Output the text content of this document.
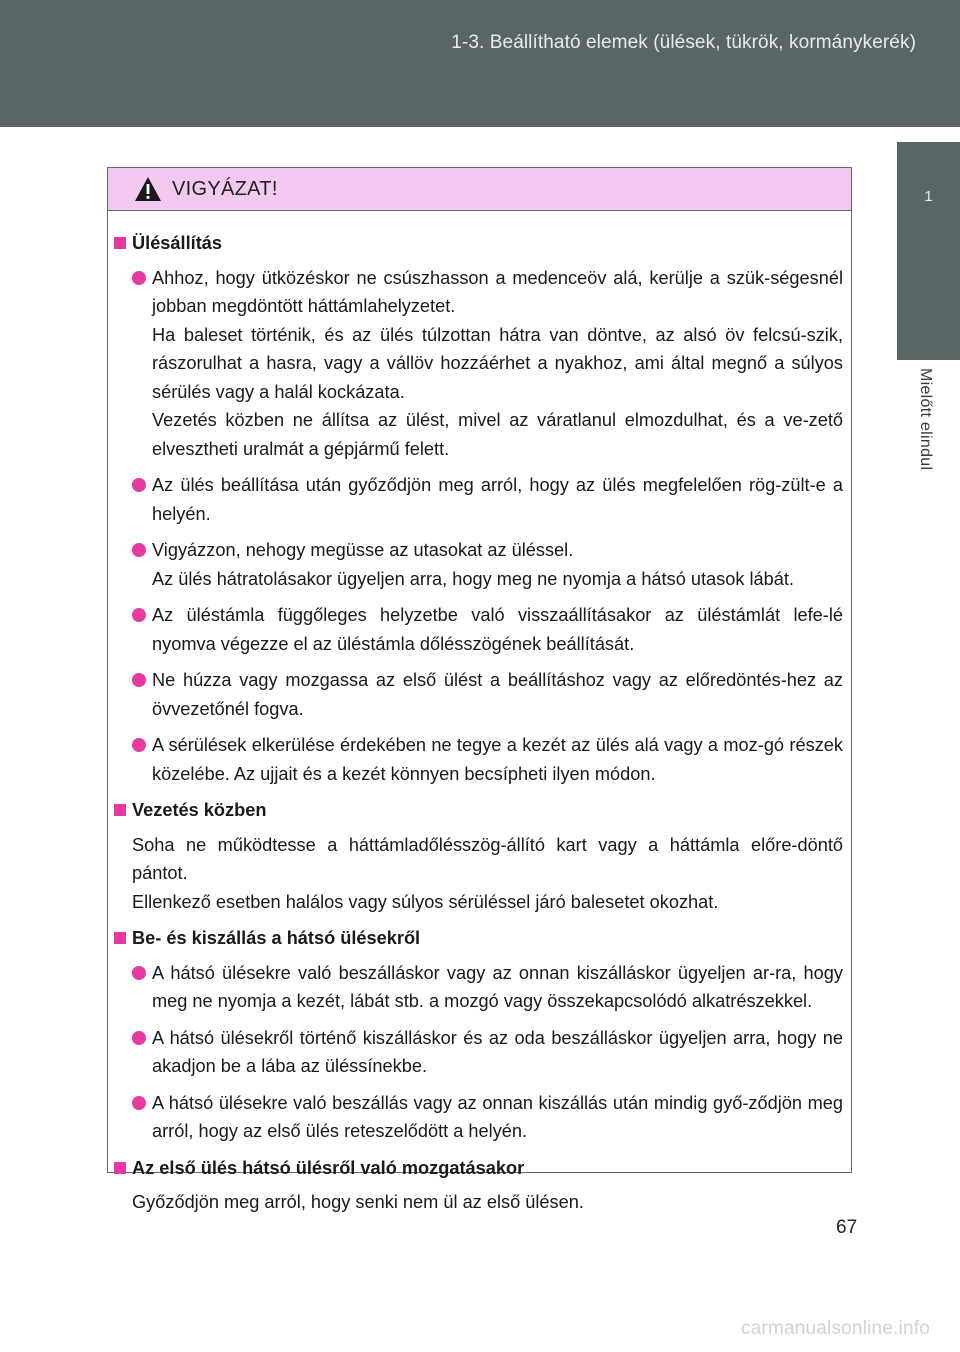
1-3. Beállítható elemek (ülések, tükrök, kormánykerék)
1
Mielőtt elindul
VIGYÁZAT!
Ülésállítás
Ahhoz, hogy ütközéskor ne csúszhasson a medenceöv alá, kerülje a szük-ségesnél jobban megdöntött háttámlahelyzetet.
Ha baleset történik, és az ülés túlzottan hátra van döntve, az alsó öv felcsú-szik, rászorulhat a hasra, vagy a vállöv hozzáérhet a nyakhoz, ami által megnő a súlyos sérülés vagy a halál kockázata.
Vezetés közben ne állítsa az ülést, mivel az váratlanul elmozdulhat, és a ve-zető elvesztheti uralmát a gépjármű felett.
Az ülés beállítása után győződjön meg arról, hogy az ülés megfelelően rög-zült-e a helyén.
Vigyázzon, nehogy megüsse az utasokat az üléssel.
Az ülés hátratolásakor ügyeljen arra, hogy meg ne nyomja a hátsó utasok lábát.
Az üléstámla függőleges helyzetbe való visszaállításakor az üléstámlát lefe-lé nyomva végezze el az üléstámla dőlésszögének beállítását.
Ne húzza vagy mozgassa az első ülést a beállításhoz vagy az előredöntés-hez az övvezetőnél fogva.
A sérülések elkerülése érdekében ne tegye a kezét az ülés alá vagy a moz-gó részek közelébe. Az ujjait és a kezét könnyen becsípheti ilyen módon.
Vezetés közben
Soha ne működtesse a háttámladőlésszög-állító kart vagy a háttámla előre-döntő pántot.
Ellenkező esetben halálos vagy súlyos sérüléssel járó balesetet okozhat.
Be- és kiszállás a hátsó ülésekről
A hátsó ülésekre való beszálláskor vagy az onnan kiszálláskor ügyeljen ar-ra, hogy meg ne nyomja a kezét, lábát stb. a mozgó vagy összekapcsolódó alkatrészekkel.
A hátsó ülésekről történő kiszálláskor és az oda beszálláskor ügyeljen arra, hogy ne akadjon be a lába az üléssínekbe.
A hátsó ülésekre való beszállás vagy az onnan kiszállás után mindig győ-ződjön meg arról, hogy az első ülés reteszelődött a helyén.
Az első ülés hátsó ülésről való mozgatásakor
Győződjön meg arról, hogy senki nem ül az első ülésen.
67
carmanualsonline.info
